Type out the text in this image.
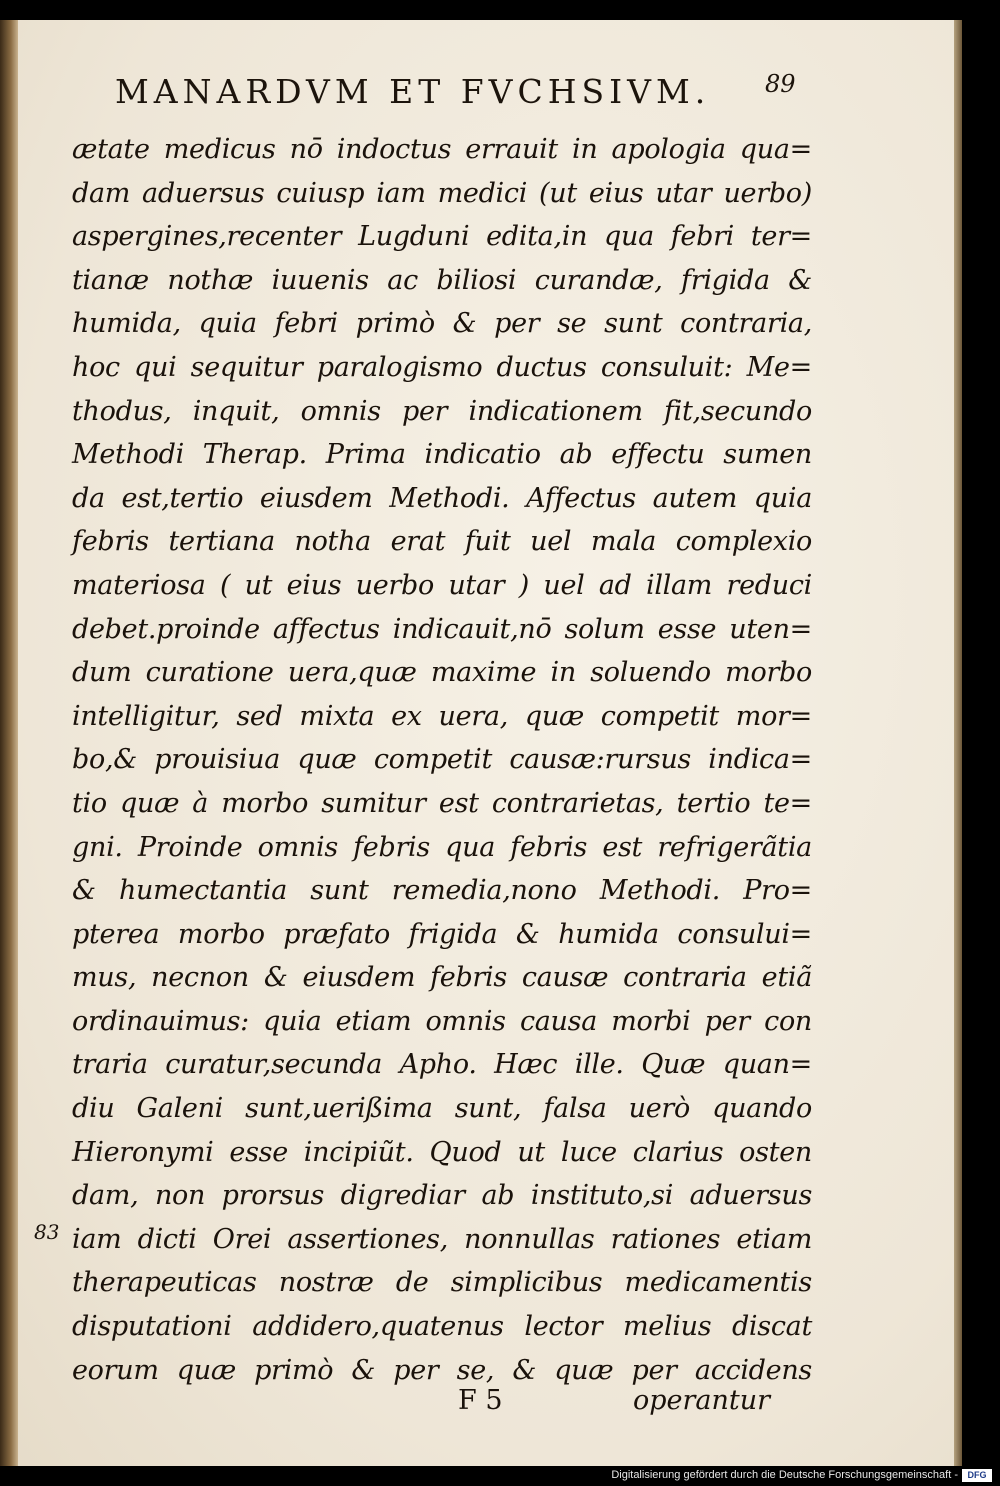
MANARDVM ET FVCHSIVM.	89
ætate medicus nō indoctus errauit in apologia qua=
dam aduersus cuiusp iam medici (ut eius utar uerbo)
aspergines,recenter Lugduni edita,in qua febri ter=
tianæ nothæ iuuenis ac biliosi curandæ, frigida &
humida, quia febri primò & per se sunt contraria,
hoc qui sequitur paralogismo ductus consuluit: Me=
thodus, inquit, omnis per indicationem fit,secundo
Methodi Therap. Prima indicatio ab effectu sumen
da est,tertio eiusdem Methodi. Affectus autem quia
febris tertiana notha erat fuit uel mala complexio
materiosa ( ut eius uerbo utar ) uel ad illam reduci
debet.proinde affectus indicauit,nō solum esse uten=
dum curatione uera,quæ maxime in soluendo morbo
intelligitur, sed mixta ex uera, quæ competit mor=
bo,& prouisiua quæ competit causæ:rursus indica=
tio quæ à morbo sumitur est contrarietas, tertio te=
gni. Proinde omnis febris qua febris est refrigerãtia
& humectantia sunt remedia,nono Methodi. Pro=
pterea morbo præfato frigida & humida consului=
mus, necnon & eiusdem febris causæ contraria etiã
ordinauimus: quia etiam omnis causa morbi per con
traria curatur,secunda Apho. Hæc ille. Quæ quan=
diu Galeni sunt,uerißima sunt, falsa uerò quando
Hieronymi esse incipiũt. Quod ut luce clarius osten
dam, non prorsus digrediar ab instituto,si aduersus
iam dicti Orei assertiones, nonnullas rationes etiam
therapeuticas nostræ de simplicibus medicamentis
disputationi addidero,quatenus lector melius discat
eorum quæ primò & per se, & quæ per accidens
83
F 5	operantur
Digitalisierung gefördert durch die Deutsche Forschungsgemeinschaft -	DFG
